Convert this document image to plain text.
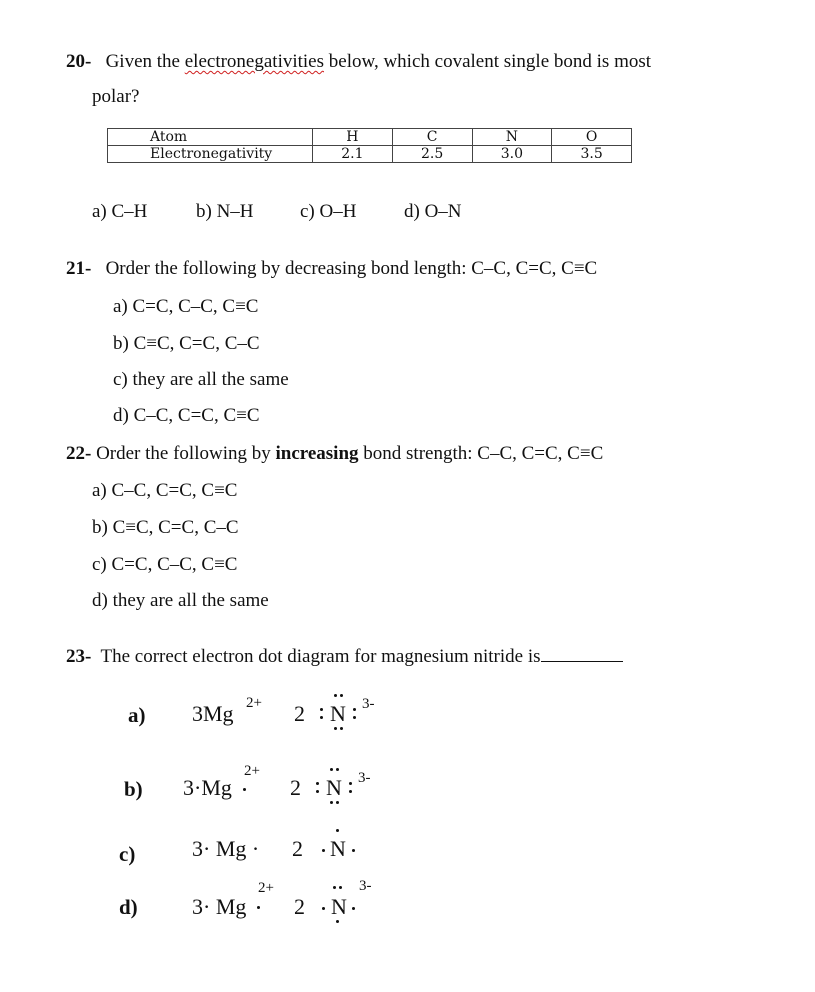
20- Given the electronegativities below, which covalent single bond is most
polar?
Atom	H	C	N	O
Electronegativity	2.1	2.5	3.0	3.5
a) C–H	b) N–H c) O–H	d) O–N
21- Order the following by decreasing bond length: C–C, C=C, C≡C
a) C=C, C–C, C≡C
b) C≡C, C=C, C–C
c) they are all the same
d) C–C, C=C, C≡C
22- Order the following by increasing bond strength: C–C, C=C, C≡C
a) C–C, C=C, C≡C
b) C≡C, C=C, C–C
c) C=C, C–C, C≡C
d) they are all the same
23- The correct electron dot diagram for magnesium nitride is
a) 3Mg 2+ 2 N 3-
b) 3·Mg
2+
2 N 3-
c)	3· Mg · 2 N
d) 3· Mg
2+
2 N
3-
